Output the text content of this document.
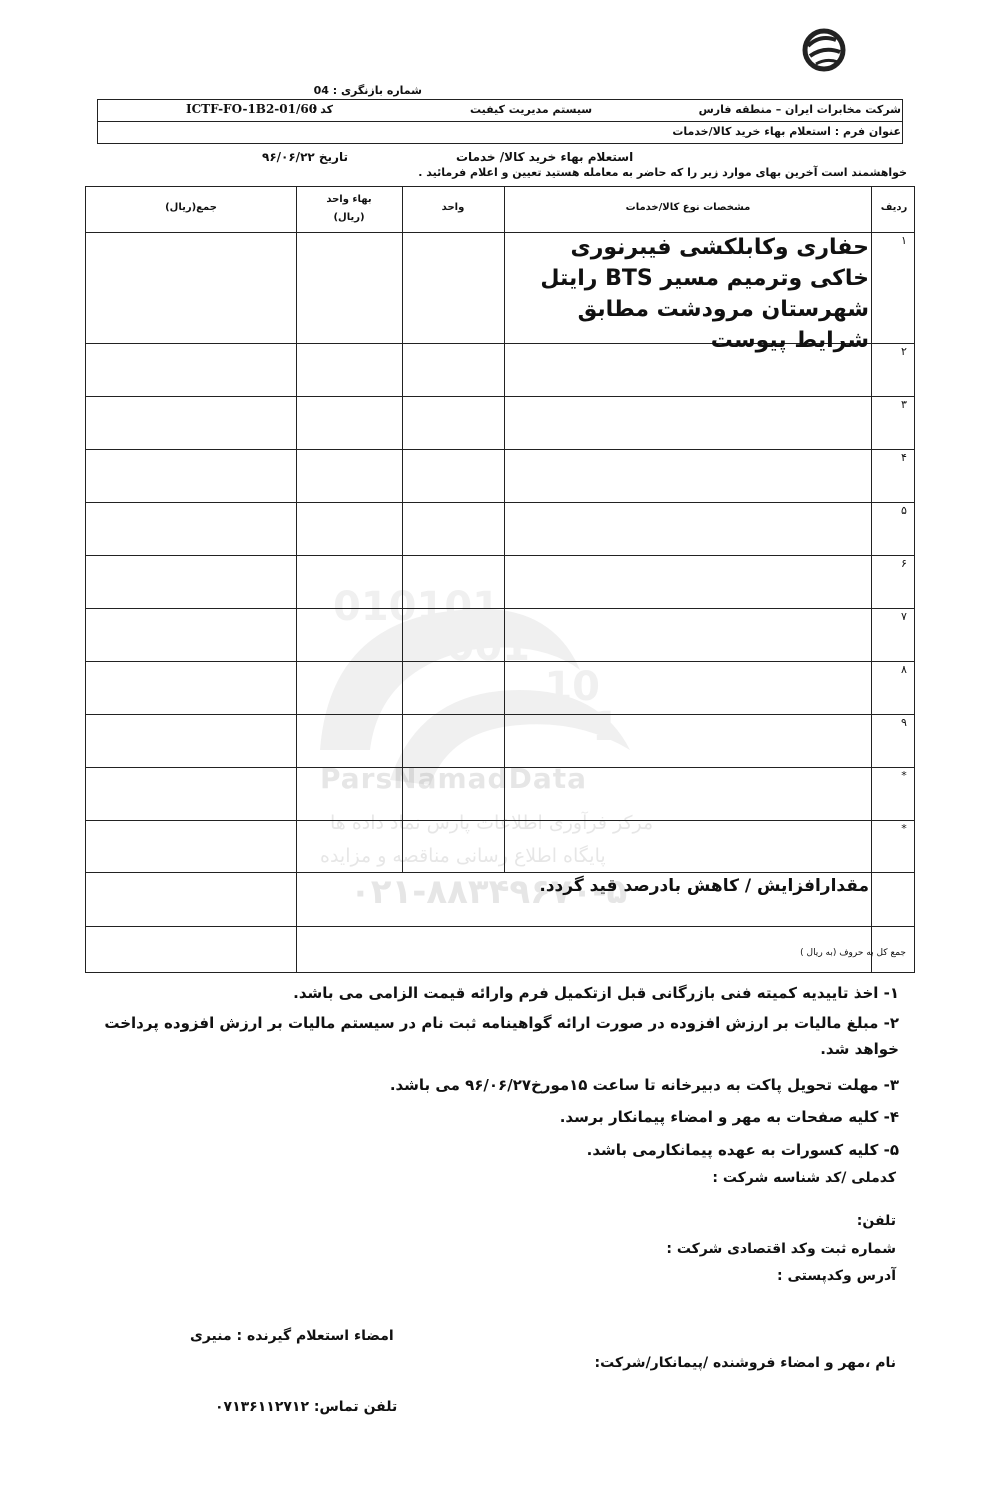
شماره بازنگری : 04
شرکت مخابرات ایران – منطقه فارس
سیستم مدیریت کیفیت
کد :
ICTF-FO-1B2-01/60
عنوان فرم : استعلام بهاء خرید کالا/خدمات
استعلام بهاء خرید کالا/ خدمات
تاریخ ۹۶/۰۶/۲۲
خواهشمند است آخرین بهای موارد زیر را که حاضر به معامله هستید تعیین و اعلام فرمائید .
010101
0001
10
1
ParsNamadData
مرکز فرآوری اطلاعات پارس نماد داده ها
پایگاه اطلاع رسانی مناقصه و مزایده
۰۲۱-۸۸۳۴۹۶۷۰-۵
ردیف
مشخصات نوع کالا/خدمات
واحد
بهاء واحد
(ریال)
جمع(ریال)
۱
۲
۳
۴
۵
۶
۷
۸
۹
*
*
حفاری وکابلکشی فیبرنوری خاکی وترمیم مسیر BTS رایتل شهرستان مرودشت مطابق شرایط پیوست
مقدارافزایش / کاهش بادرصد قید گردد.
جمع کل به حروف (به ریال )
۱- اخذ تاییدیه کمیته فنی بازرگانی قبل ازتکمیل فرم وارائه قیمت الزامی می باشد.
۲- مبلغ مالیات بر ارزش افزوده در صورت ارائه گواهینامه ثبت نام در سیستم مالیات بر ارزش افزوده پرداخت خواهد شد.
۳- مهلت تحویل پاکت به دبیرخانه تا ساعت ۱۵مورخ۹۶/۰۶/۲۷ می باشد.
۴- کلیه صفحات به مهر و امضاء پیمانکار برسد.
۵- کلیه کسورات به عهده پیمانکارمی باشد.
کدملی /کد شناسه شرکت :
تلفن:
شماره ثبت وکد اقتصادی شرکت :
آدرس وکدپستی :
امضاء استعلام گیرنده : منیری
نام ،مهر و امضاء فروشنده /پیمانکار/شرکت:
تلفن تماس: ۰۷۱۳۶۱۱۲۷۱۲
